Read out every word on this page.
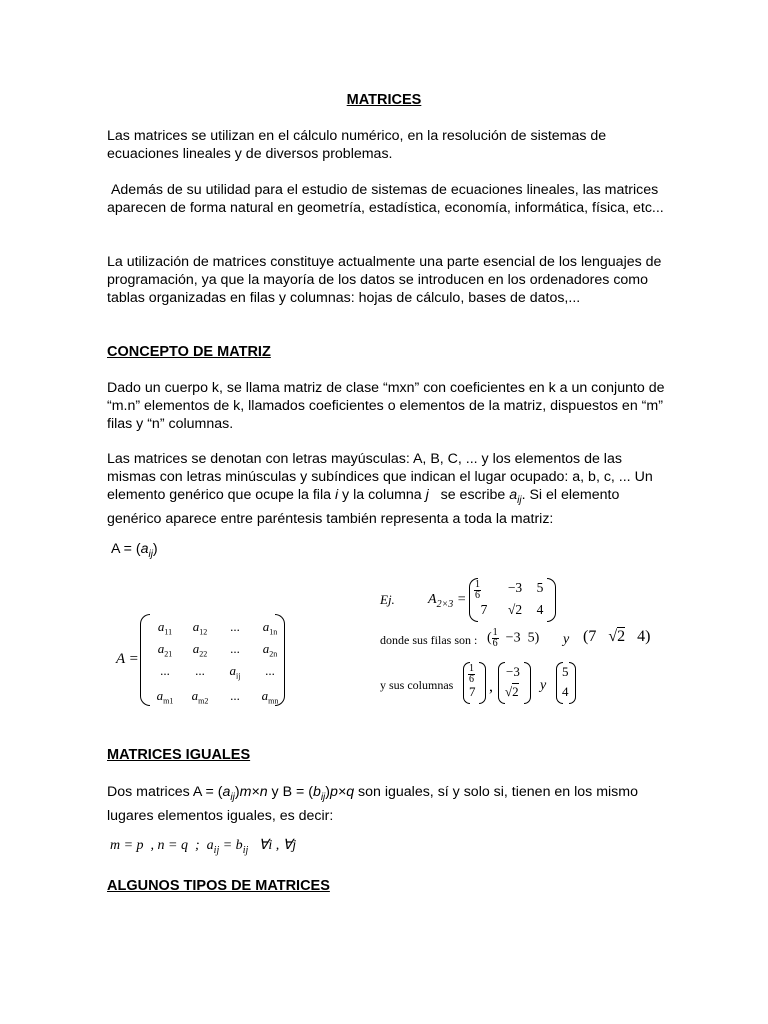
MATRICES

Las matrices se utilizan en el cálculo numérico, en la resolución de sistemas de ecuaciones lineales y de diversos problemas.

Además de su utilidad para el estudio de sistemas de ecuaciones lineales, las matrices aparecen de forma natural en geometría, estadística, economía, informática, física, etc...

La utilización de matrices constituye actualmente una parte esencial de los lenguajes de programación, ya que la mayoría de los datos se introducen en los ordenadores como tablas organizadas en filas y columnas: hojas de cálculo, bases de datos,...

CONCEPTO DE MATRIZ

Dado un cuerpo k, se llama matriz de clase “mxn” con coeficientes en k a un conjunto de “m.n” elementos de k, llamados coeficientes o elementos de la matriz, dispuestos en “m” filas y “n” columnas.

Las matrices se denotan con letras mayúsculas: A, B, C, ... y los elementos de las mismas con letras minúsculas y subíndices que indican el lugar ocupado: a, b, c, ... Un elemento genérico que ocupe la fila i y la columna j   se escribe $a_{ij}$. Si el elemento genérico aparece entre paréntesis también representa a toda la matriz:

$A = (a_{ij})$

A =
$a_{11}$	$a_{12}$	...	$a_{1n}$
$a_{21}$	$a_{22}$	...	$a_{2n}$
...	...	$a_{ij}$	...
$a_{m1}$	$a_{m2}$	...	$a_{mn}$
Ej. $A_{2\times 3} = \frac{1}{6}$	−3	5
7	√2	4
donde sus filas son : ( $\frac{1}{6} -3$  5) y (7   √2   4)
y sus columnas $\frac{1}{6}$
7 ,
−3
√2 y
5
4
MATRICES IGUALES

Dos matrices $A = (a_{ij})m\times n$ y $B = (b_{ij})p\times q$ son iguales, sí y solo si, tienen en los mismo lugares elementos iguales, es decir:

m = p  , n = q  ;  $a_{ij} = b_{ij}$   ∀i , ∀j
ALGUNOS TIPOS DE MATRICES
